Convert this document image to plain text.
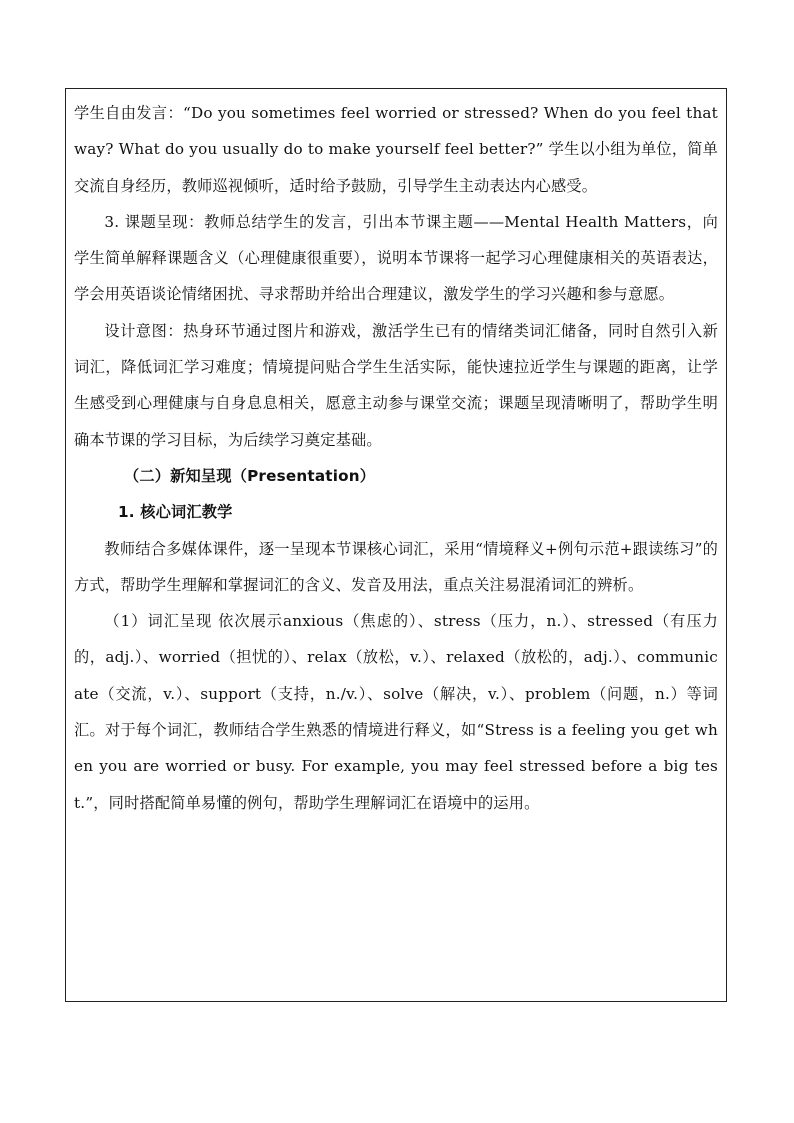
学生自由发言：“Do you sometimes feel worried or stressed? When do you feel that way? What do you usually do to make yourself feel better?” 学生以小组为单位，简单交流自身经历，教师巡视倾听，适时给予鼓励，引导学生主动表达内心感受。

3. 课题呈现：教师总结学生的发言，引出本节课主题——Mental Health Matters，向学生简单解释课题含义（心理健康很重要），说明本节课将一起学习心理健康相关的英语表达，学会用英语谈论情绪困扰、寻求帮助并给出合理建议，激发学生的学习兴趣和参与意愿。

设计意图：热身环节通过图片和游戏，激活学生已有的情绪类词汇储备，同时自然引入新词汇，降低词汇学习难度；情境提问贴合学生生活实际，能快速拉近学生与课题的距离，让学生感受到心理健康与自身息息相关，愿意主动参与课堂交流；课题呈现清晰明了，帮助学生明确本节课的学习目标，为后续学习奠定基础。

（二）新知呈现（Presentation）

1. 核心词汇教学

教师结合多媒体课件，逐一呈现本节课核心词汇，采用“情境释义+例句示范+跟读练习”的方式，帮助学生理解和掌握词汇的含义、发音及用法，重点关注易混淆词汇的辨析。

（1）词汇呈现 依次展示anxious（焦虑的）、stress（压力，n.）、stressed（有压力的，adj.）、worried（担忧的）、relax（放松，v.）、relaxed（放松的，adj.）、communicate（交流，v.）、support（支持，n./v.）、solve（解决，v.）、problem（问题，n.）等词汇。对于每个词汇，教师结合学生熟悉的情境进行释义，如“Stress is a feeling you get when you are worried or busy. For example, you may feel stressed before a big test.”，同时搭配简单易懂的例句，帮助学生理解词汇在语境中的运用。
